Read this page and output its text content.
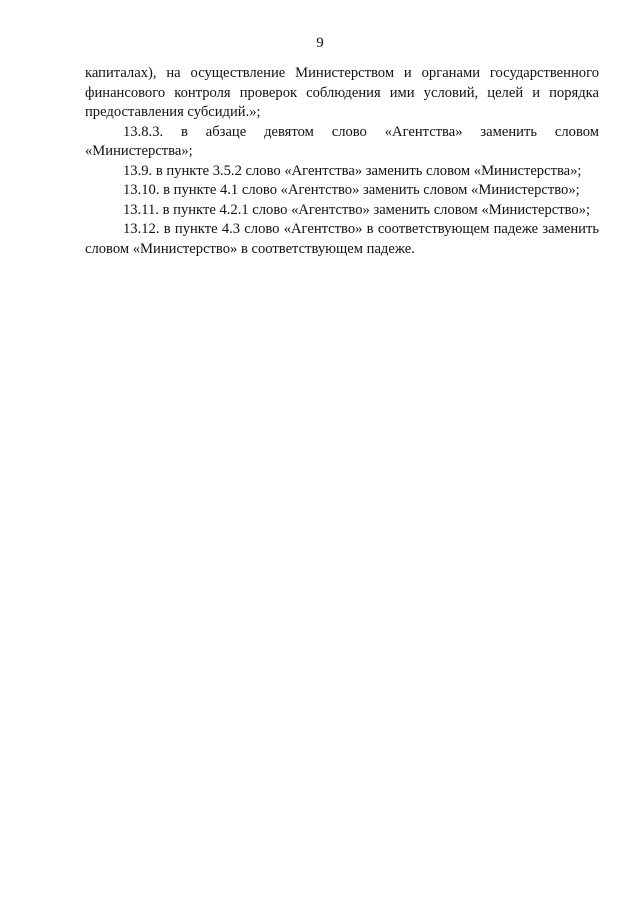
9

капиталах), на осуществление Министерством и органами государственного финансового контроля проверок соблюдения ими условий, целей и порядка предоставления субсидий.»;

13.8.3. в абзаце девятом слово «Агентства» заменить словом «Министерства»;

13.9. в пункте 3.5.2 слово «Агентства» заменить словом «Министерства»;

13.10. в пункте 4.1 слово «Агентство» заменить словом «Министерство»;

13.11. в пункте 4.2.1 слово «Агентство» заменить словом «Министерство»;

13.12. в пункте 4.3 слово «Агентство» в соответствующем падеже заменить словом «Министерство» в соответствующем падеже.
